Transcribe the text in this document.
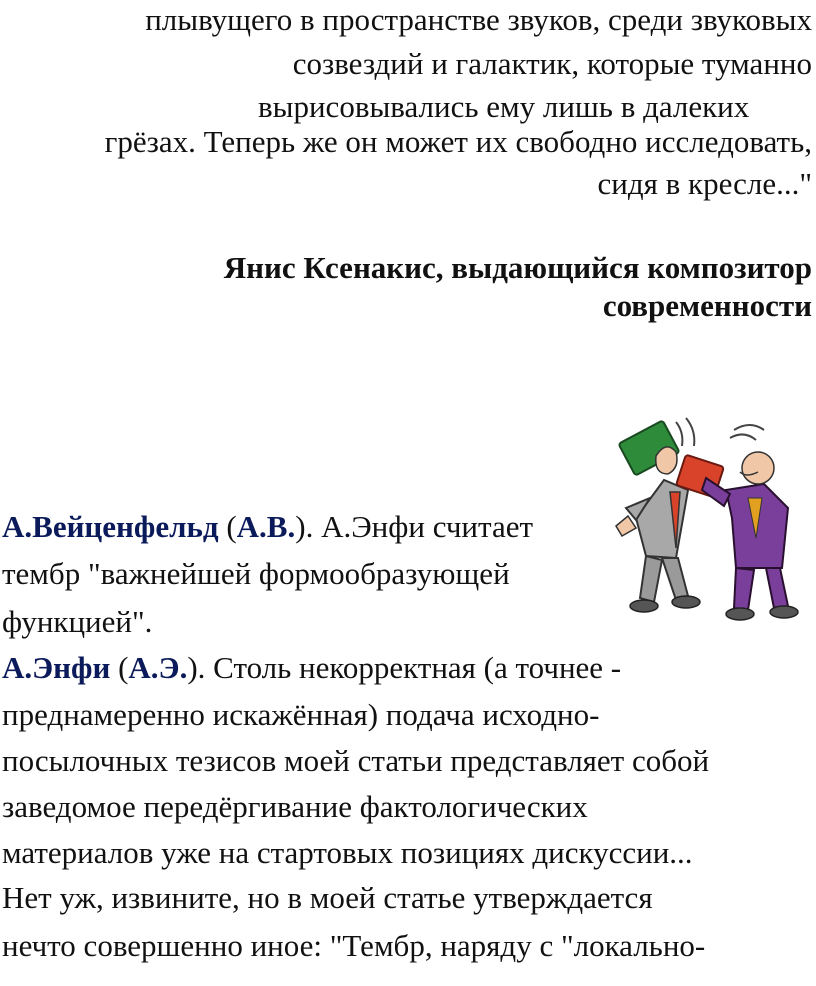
плывущего в пространстве звуков, среди звуковых
созвездий и галактик, которые туманно
вырисовывались ему лишь в далеких
грёзах. Теперь же он может их свободно исследовать,
сидя в кресле..."
Янис Ксенакис, выдающийся композитор
современности
А.Вейценфельд (А.В.). А.Энфи считает
тембр "важнейшей формообразующей
функцией".
А.Энфи (А.Э.). Столь некорректная (а точнее -
преднамеренно искажённая) подача исходно-
посылочных тезисов моей статьи представляет собой
заведомое передёргивание фактологических
материалов уже на стартовых позициях дискуссии...
Нет уж, извините, но в моей статье утверждается
нечто совершенно иное: "Тембр, наряду с "локально-
